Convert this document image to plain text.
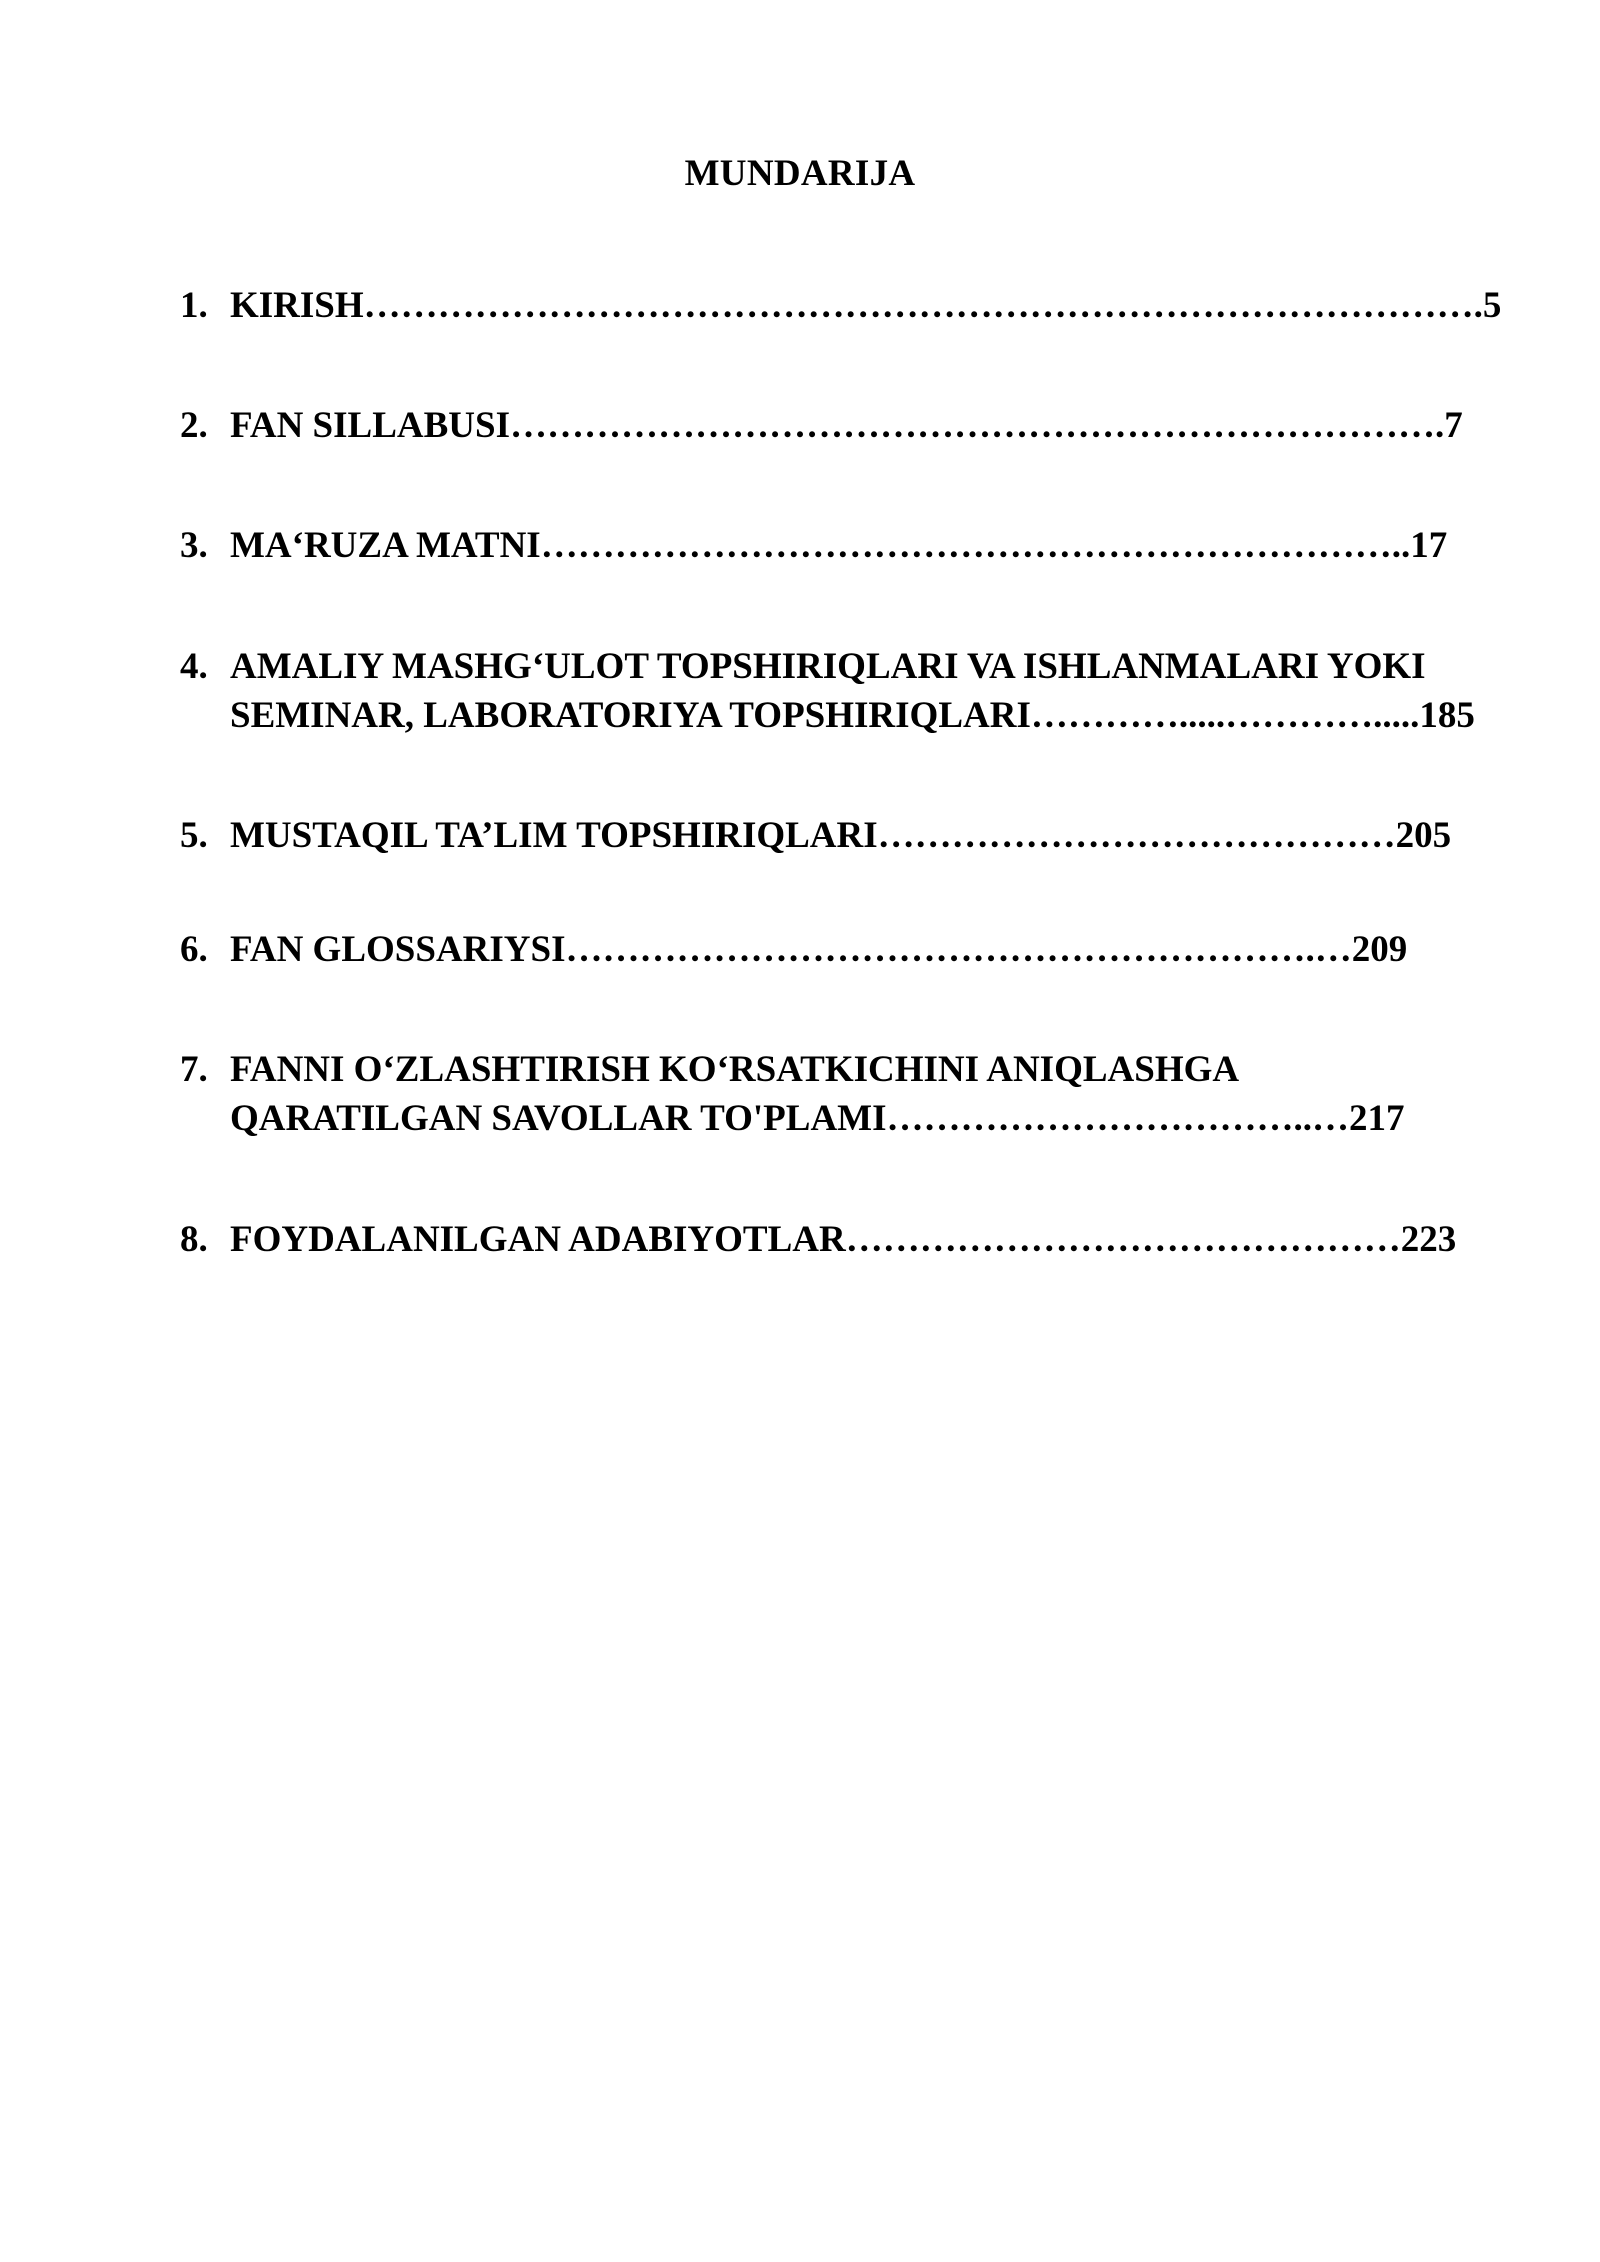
MUNDARIJA
1. KIRISH……………………………………………………………………………….5
2. FAN SILLABUSI………………………………………………………………….7
3. MA‘RUZA MATNI……………………………………………………………..17
4. AMALIY MASHG‘ULOT TOPSHIRIQLARI VA ISHLANMALARI YOKI
SEMINAR, LABORATORIYA TOPSHIRIQLARI………….....………….....185
5. MUSTAQIL TA’LIM TOPSHIRIQLARI……………………………………205
6. FAN GLOSSARIYSI…………………………………………………….…209
7. FANNI O‘ZLASHTIRISH KO‘RSATKICHINI ANIQLASHGA
QARATILGAN SAVOLLAR TO'PLAMI……………………………..…217
8. FOYDALANILGAN ADABIYOTLAR………………………………………223
